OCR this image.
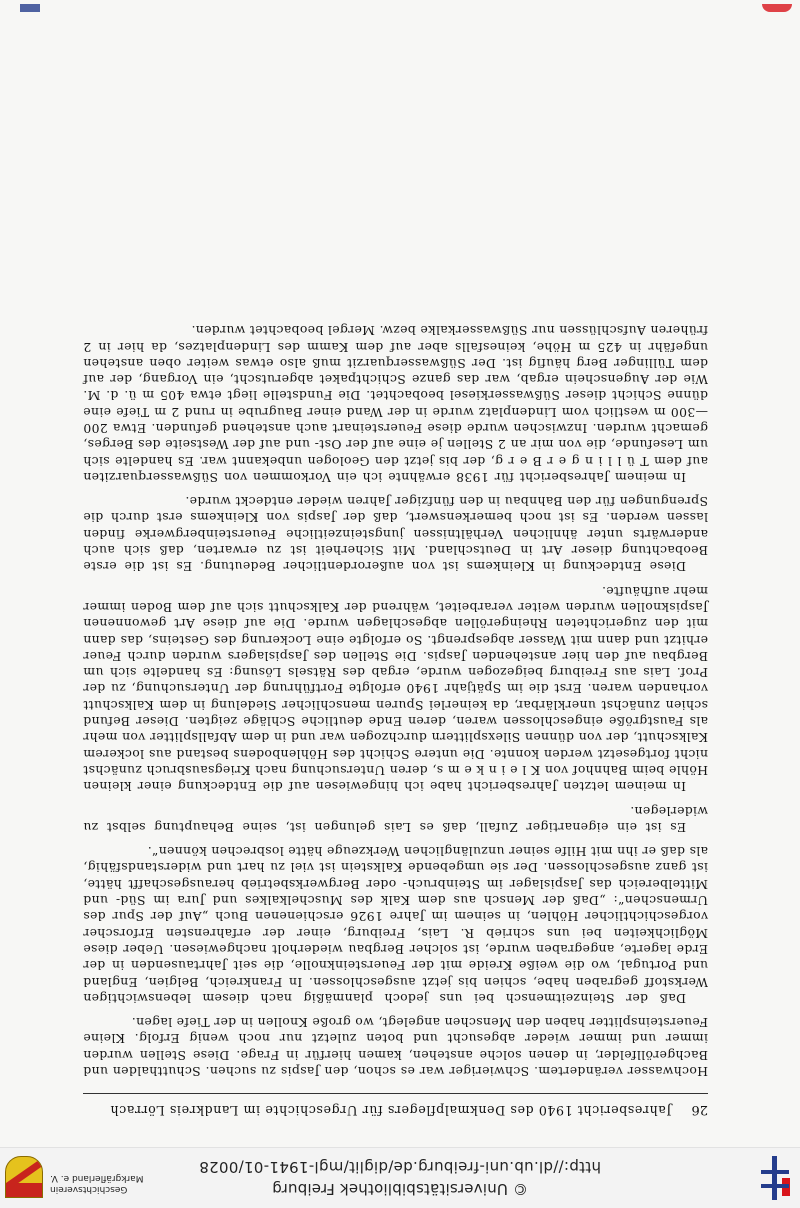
© Universitätsbibliothek Freiburg
http://dl.ub.uni-freiburg.de/diglit/mgl-1941-01/0028
Geschichtsverein Markgräflerland e. V.
26
Jahresbericht 1940 des Denkmalpflegers für Urgeschichte im Landkreis Lörrach

Hochwasser verändertem. Schwieriger war es schon, den Jaspis zu suchen. Schutthalden und Bachgeröllfelder, in denen solche anstehen, kamen hierfür in Frage. Diese Stellen wurden immer und immer wieder abgesucht und boten zuletzt nur noch wenig Erfolg. Kleine Feuersteinsplitter haben den Menschen angelegt, wo große Knollen in der Tiefe lagen.

Daß der Steinzeitmensch bei uns jedoch planmäßig nach diesem lebenswichtigen Werkstoff gegraben habe, schien bis jetzt ausgeschlossen. In Frankreich, Belgien, England und Portugal, wo die weiße Kreide mit der Feuersteinknolle, die seit Jahrtausenden in der Erde lagerte, angegraben wurde, ist solcher Bergbau wiederholt nachgewiesen. Ueber diese Möglichkeiten bei uns schrieb R. Lais, Freiburg, einer der erfahrensten Erforscher vorgeschichtlicher Höhlen, in seinem im Jahre 1926 erschienenen Buch „Auf der Spur des Urmenschen“: „Daß der Mensch aus dem Kalk des Muschelkalkes und Jura im Süd- und Mittelbereich das Jaspislager im Steinbruch- oder Bergwerksbetrieb herausgeschafft hätte, ist ganz ausgeschlossen. Der sie umgebende Kalkstein ist viel zu hart und widerstandsfähig, als daß er ihn mit Hilfe seiner unzulänglichen Werkzeuge hätte losbrechen können“.

Es ist ein eigenartiger Zufall, daß es Lais gelungen ist, seine Behauptung selbst zu widerlegen.

In meinem letzten Jahresbericht habe ich hingewiesen auf die Entdeckung einer kleinen Höhle beim Bahnhof von K l e i n k e m s, deren Untersuchung nach Kriegsausbruch zunächst nicht fortgesetzt werden konnte. Die untere Schicht des Höhlenbodens bestand aus lockerem Kalkschutt, der von dünnen Silexsplittern durchzogen war und in dem Abfallsplitter von mehr als Faustgröße eingeschlossen waren, deren Ende deutliche Schläge zeigten. Dieser Befund schien zunächst unerklärbar, da keinerlei Spuren menschlicher Siedelung in dem Kalkschutt vorhanden waren. Erst die im Spätjahr 1940 erfolgte Fortführung der Untersuchung, zu der Prof. Lais aus Freiburg beigezogen wurde, ergab des Rätsels Lösung: Es handelte sich um Bergbau auf den hier anstehenden Jaspis. Die Stellen des Jaspislagers wurden durch Feuer erhitzt und dann mit Wasser abgesprengt. So erfolgte eine Lockerung des Gesteins, das dann mit den zugerichteten Rheingeröllen abgeschlagen wurde. Die auf diese Art gewonnenen Jaspisknollen wurden weiter verarbeitet, während der Kalkschutt sich auf dem Boden immer mehr aufhäufte.

Diese Entdeckung in Kleinkems ist von außerordentlicher Bedeutung. Es ist die erste Beobachtung dieser Art in Deutschland. Mit Sicherheit ist zu erwarten, daß sich auch anderwärts unter ähnlichen Verhältnissen jungsteinzeitliche Feuersteinbergwerke finden lassen werden. Es ist noch bemerkenswert, daß der Jaspis von Kleinkems erst durch die Sprengungen für den Bahnbau in den fünfziger Jahren wieder entdeckt wurde.

In meinem Jahresbericht für 1938 erwähnte ich ein Vorkommen von Süßwasserquarziten auf dem T ü l l i n g e r B e r g, der bis jetzt den Geologen unbekannt war. Es handelte sich um Lesefunde, die von mir an 2 Stellen je eine auf der Ost- und auf der Westseite des Berges, gemacht wurden. Inzwischen wurde diese Feuersteinart auch anstehend gefunden. Etwa 200—300 m westlich vom Lindenplatz wurde in der Wand einer Baugrube in rund 2 m Tiefe eine dünne Schicht dieser Süßwasserkiesel beobachtet. Die Fundstelle liegt etwa 405 m ü. d. M. Wie der Augenschein ergab, war das ganze Schichtpaket abgerutscht, ein Vorgang, der auf dem Tüllinger Berg häufig ist. Der Süßwasserquarzit muß also etwas weiter oben anstehen ungefähr in 425 m Höhe, keinesfalls aber auf dem Kamm des Lindenplatzes, da hier in 2 früheren Aufschlüssen nur Süßwasserkalke bezw. Mergel beobachtet wurden.
